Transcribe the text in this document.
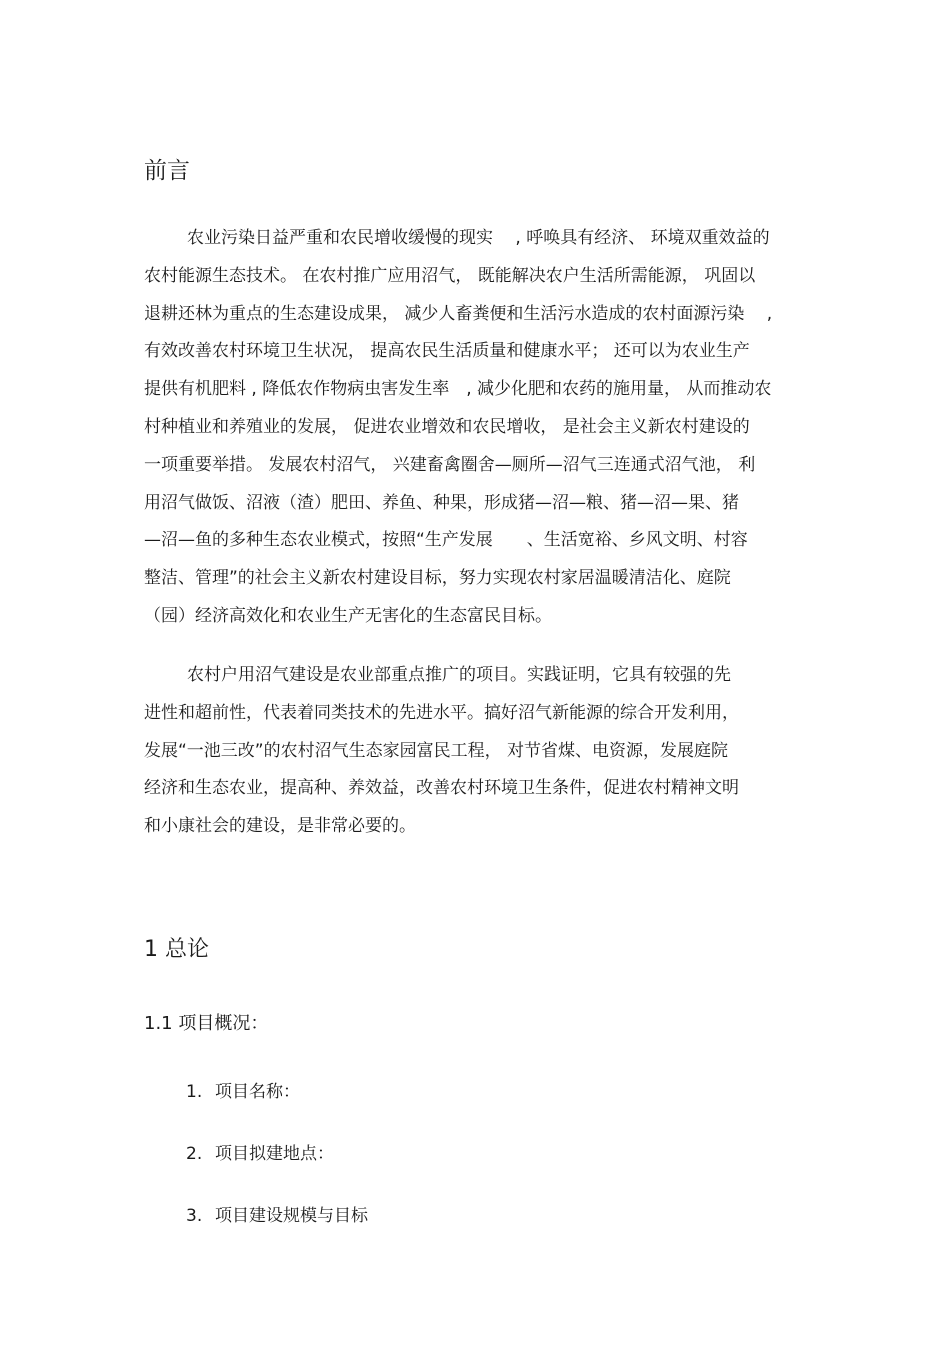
前言
农业污染日益严重和农民增收缓慢的现实　 , 呼唤具有经济、 环境双重效益的
农村能源生态技术。 在农村推广应用沼气， 既能解决农户生活所需能源， 巩固以
退耕还林为重点的生态建设成果， 减少人畜粪便和生活污水造成的农村面源污染　 ,
有效改善农村环境卫生状况， 提高农民生活质量和健康水平； 还可以为农业生产
提供有机肥料 , 降低农作物病虫害发生率　, 减少化肥和农药的施用量， 从而推动农
村种植业和养殖业的发展， 促进农业增效和农民增收， 是社会主义新农村建设的
一项重要举措。 发展农村沼气， 兴建畜禽圈舍—厕所—沼气三连通式沼气池， 利
用沼气做饭、沼液（渣）肥田、养鱼、种果，形成猪—沼—粮、猪—沼—果、猪
—沼—鱼的多种生态农业模式，按照“生产发展　　、生活宽裕、乡风文明、村容
整洁、管理”的社会主义新农村建设目标，努力实现农村家居温暖清洁化、庭院
（园）经济高效化和农业生产无害化的生态富民目标。
农村户用沼气建设是农业部重点推广的项目。实践证明，它具有较强的先
进性和超前性，代表着同类技术的先进水平。搞好沼气新能源的综合开发利用，
发展“一池三改”的农村沼气生态家园富民工程， 对节省煤、电资源，发展庭院
经济和生态农业，提高种、养效益，改善农村环境卫生条件，促进农村精神文明
和小康社会的建设，是非常必要的。
1 总论
1.1 项目概况：
1. 项目名称：
2. 项目拟建地点：
3. 项目建设规模与目标
